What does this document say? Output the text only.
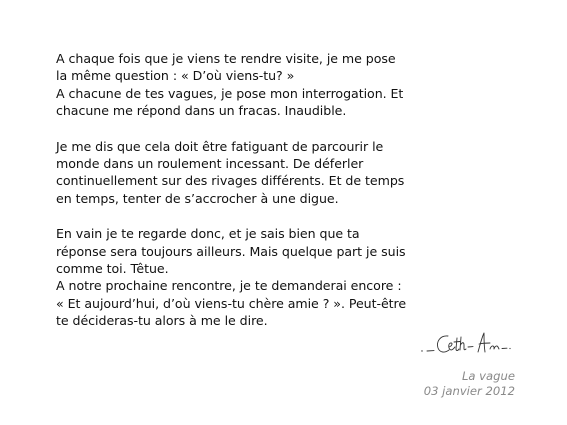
A chaque fois que je viens te rendre visite, je me pose
la même question : « D’où viens-tu? »
A chacune de tes vagues, je pose mon interrogation. Et
chacune me répond dans un fracas. Inaudible.

Je me dis que cela doit être fatiguant de parcourir le
monde dans un roulement incessant. De déferler
continuellement sur des rivages différents. Et de temps
en temps, tenter de s’accrocher à une digue.

En vain je te regarde donc, et je sais bien que ta
réponse sera toujours ailleurs. Mais quelque part je suis
comme toi. Têtue.
A notre prochaine rencontre, je te demanderai encore :
« Et aujourd’hui, d’où viens-tu chère amie ? ». Peut-être
te décideras-tu alors à me le dire.

La vague
03 janvier 2012
